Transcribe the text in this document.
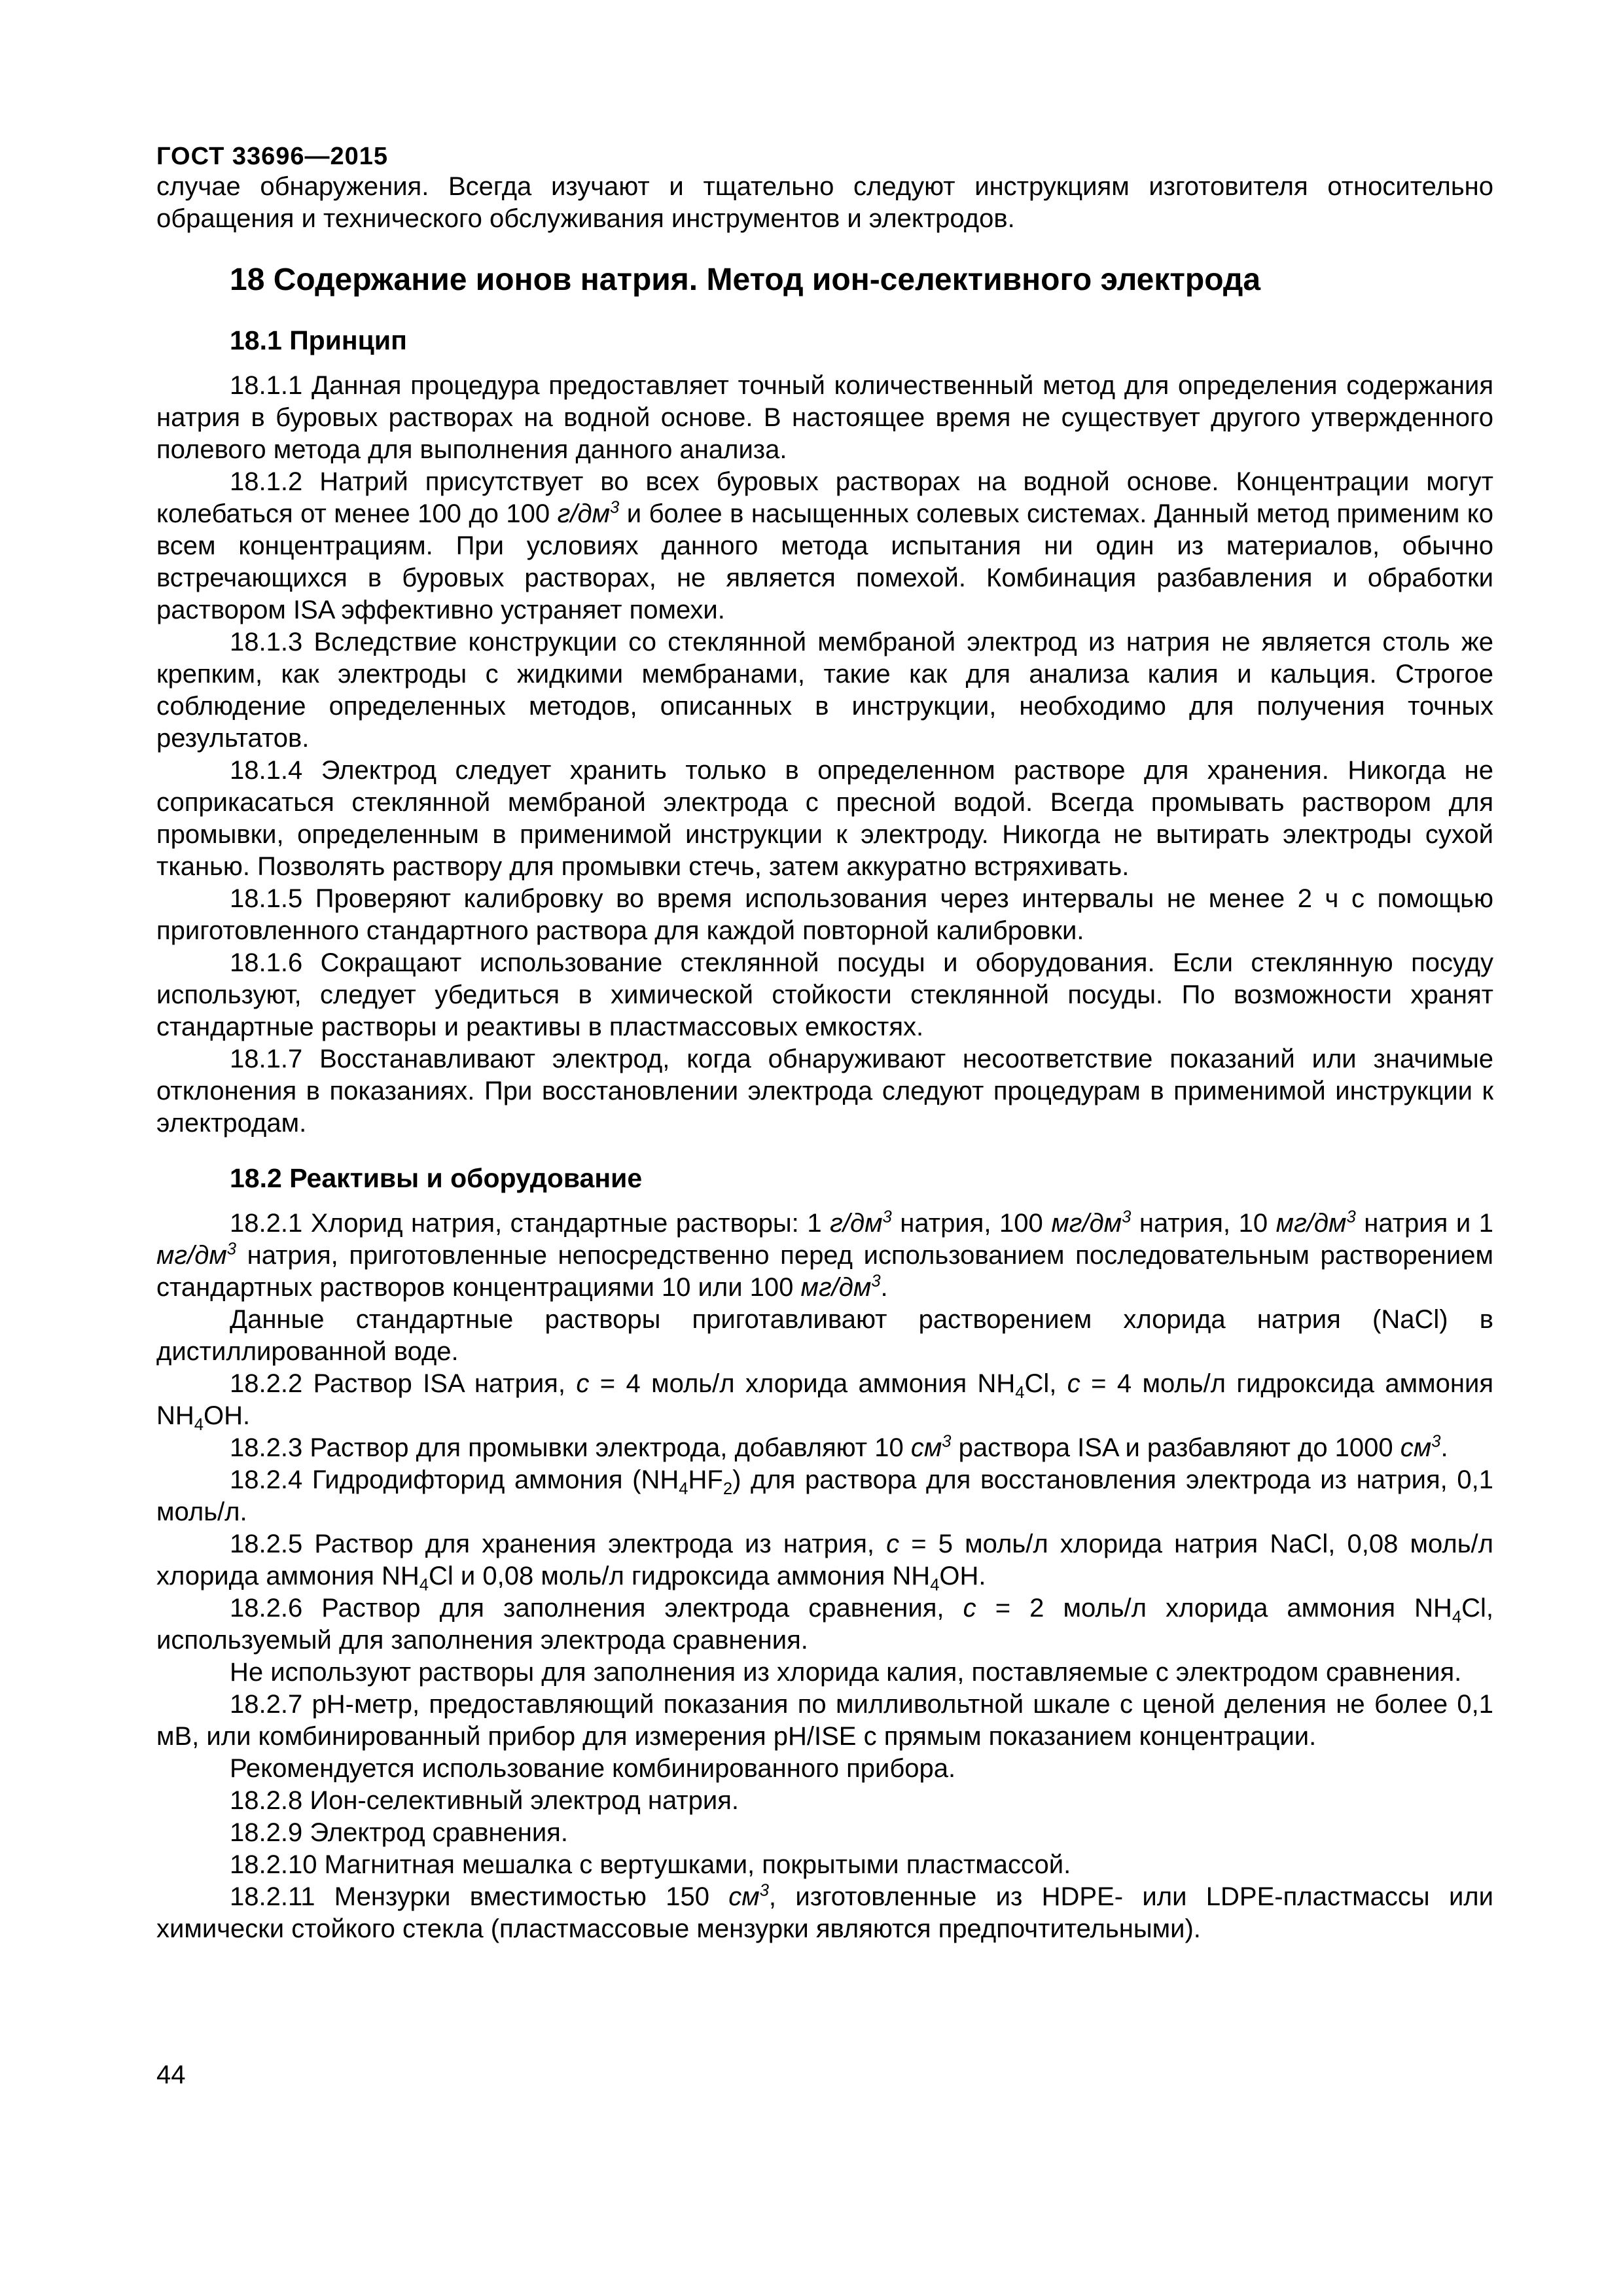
ГОСТ 33696—2015

случае обнаружения. Всегда изучают и тщательно следуют инструкциям изготовителя относительно обращения и технического обслуживания инструментов и электродов.

18 Содержание ионов натрия. Метод ион-селективного электрода
18.1 Принцип

18.1.1 Данная процедура предоставляет точный количественный метод для определения содержания натрия в буровых растворах на водной основе. В настоящее время не существует другого утвержденного полевого метода для выполнения данного анализа.

18.1.2 Натрий присутствует во всех буровых растворах на водной основе. Концентрации могут колебаться от менее 100 до 100 $г/дм^3$ и более в насыщенных солевых системах. Данный метод применим ко всем концентрациям. При условиях данного метода испытания ни один из материалов, обычно встречающихся в буровых растворах, не является помехой. Комбинация разбавления и обработки раствором ISA эффективно устраняет помехи.

18.1.3 Вследствие конструкции со стеклянной мембраной электрод из натрия не является столь же крепким, как электроды с жидкими мембранами, такие как для анализа калия и кальция. Строгое соблюдение определенных методов, описанных в инструкции, необходимо для получения точных результатов.

18.1.4 Электрод следует хранить только в определенном растворе для хранения. Никогда не соприкасаться стеклянной мембраной электрода с пресной водой. Всегда промывать раствором для промывки, определенным в применимой инструкции к электроду. Никогда не вытирать электроды сухой тканью. Позволять раствору для промывки стечь, затем аккуратно встряхивать.

18.1.5 Проверяют калибровку во время использования через интервалы не менее 2 ч с помощью приготовленного стандартного раствора для каждой повторной калибровки.

18.1.6 Сокращают использование стеклянной посуды и оборудования. Если стеклянную посуду используют, следует убедиться в химической стойкости стеклянной посуды. По возможности хранят стандартные растворы и реактивы в пластмассовых емкостях.

18.1.7 Восстанавливают электрод, когда обнаруживают несоответствие показаний или значимые отклонения в показаниях. При восстановлении электрода следуют процедурам в применимой инструкции к электродам.

18.2 Реактивы и оборудование

18.2.1 Хлорид натрия, стандартные растворы: 1 $г/дм^3$ натрия, 100 $мг/дм^3$ натрия, 10 $мг/дм^3$ натрия и 1 $мг/дм^3$ натрия, приготовленные непосредственно перед использованием последовательным растворением стандартных растворов концентрациями 10 или 100 $мг/дм^3$.

Данные стандартные растворы приготавливают растворением хлорида натрия (NaCl) в дистиллированной воде.

18.2.2 Раствор ISA натрия, с = 4 моль/л хлорида аммония $NH_4Cl$, с = 4 моль/л гидроксида аммония $NH_4OH$.

18.2.3 Раствор для промывки электрода, добавляют 10 $см^3$ раствора ISA и разбавляют до 1000 $см^3$.

18.2.4 Гидродифторид аммония $(NH_4HF_2)$ для раствора для восстановления электрода из натрия, 0,1 моль/л.

18.2.5 Раствор для хранения электрода из натрия, с = 5 моль/л хлорида натрия NaCl, 0,08 моль/л хлорида аммония $NH_4Cl$ и 0,08 моль/л гидроксида аммония $NH_4OH$.

18.2.6 Раствор для заполнения электрода сравнения, с = 2 моль/л хлорида аммония $NH_4Cl$, используемый для заполнения электрода сравнения.

Не используют растворы для заполнения из хлорида калия, поставляемые с электродом сравнения.

18.2.7 pH-метр, предоставляющий показания по милливольтной шкале с ценой деления не более 0,1 мВ, или комбинированный прибор для измерения pH/ISE с прямым показанием концентрации.

Рекомендуется использование комбинированного прибора.

18.2.8 Ион-селективный электрод натрия.

18.2.9 Электрод сравнения.

18.2.10 Магнитная мешалка с вертушками, покрытыми пластмассой.

18.2.11 Мензурки вместимостью 150 $см^3$, изготовленные из HDPE- или LDPE-пластмассы или химически стойкого стекла (пластмассовые мензурки являются предпочтительными).

44
